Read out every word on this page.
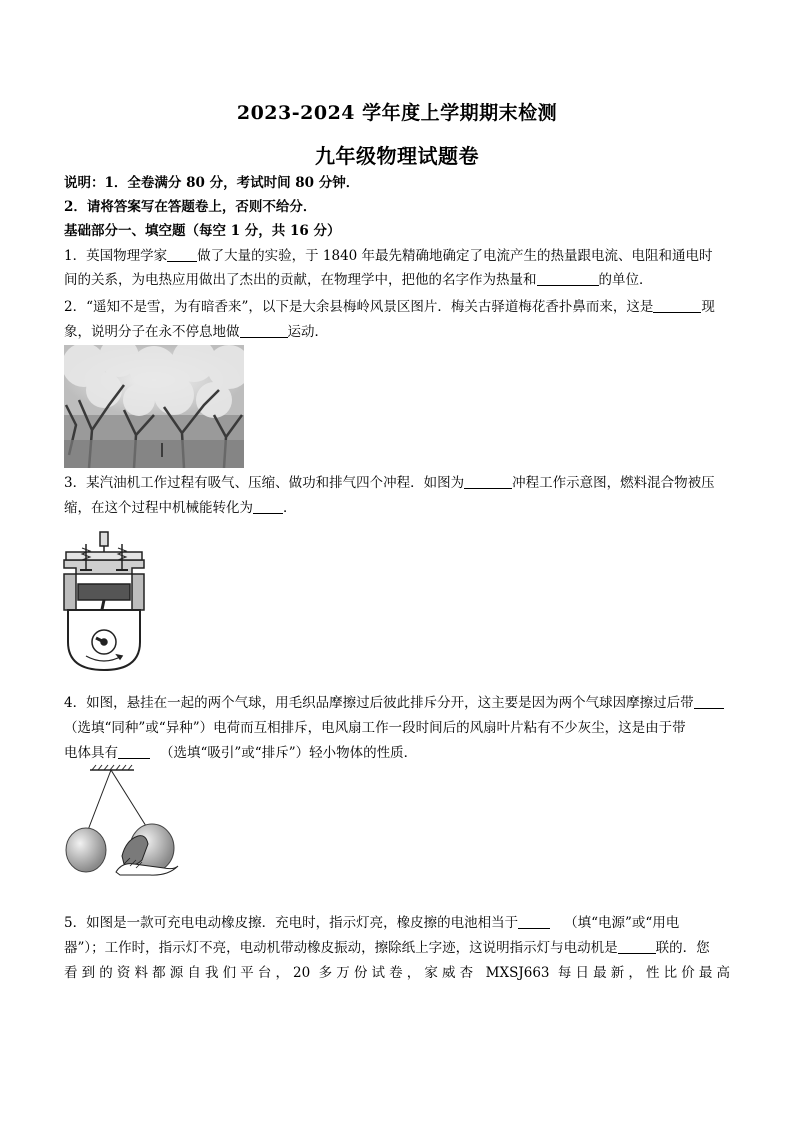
2023-2024 学年度上学期期末检测
九年级物理试题卷
说明：1．全卷满分 80 分，考试时间 80 分钟．
2．请将答案写在答题卷上，否则不给分．
基础部分一、填空题（每空 1 分，共 16 分）
1．英国物理学家 做了大量的实验，于 1840 年最先精确地确定了电流产生的热量跟电流、电阻和通电时
间的关系，为电热应用做出了杰出的贡献，在物理学中，把他的名字作为热量和	的单位．
2．“遥知不是雪，为有暗香来”，以下是大余县梅岭风景区图片．梅关古驿道梅花香扑鼻而来，这是	现
象，说明分子在永不停息地做	运动．
3．某汽油机工作过程有吸气、压缩、做功和排气四个冲程．如图为	冲程工作示意图，燃料混合物被压
缩，在这个过程中机械能转化为 ．
4．如图，悬挂在一起的两个气球，用毛织品摩擦过后彼此排斥分开，这主要是因为两个气球因摩擦过后带
（选填“同种”或“异种”）电荷而互相排斥，电风扇工作一段时间后的风扇叶片粘有不少灰尘，这是由于带
电体具有	（选填“吸引”或“排斥”）轻小物体的性质．
5．如图是一款可充电电动橡皮擦．充电时，指示灯亮，橡皮擦的电池相当于	（填“电源”或“用电
器”）；工作时，指示灯不亮，电动机带动橡皮振动，擦除纸上字迹，这说明指示灯与电动机是	联的．您
看到的资料都源自我们平台，20 多万份试卷，家威杏 MXSJ663 每日最新，性比价最高
